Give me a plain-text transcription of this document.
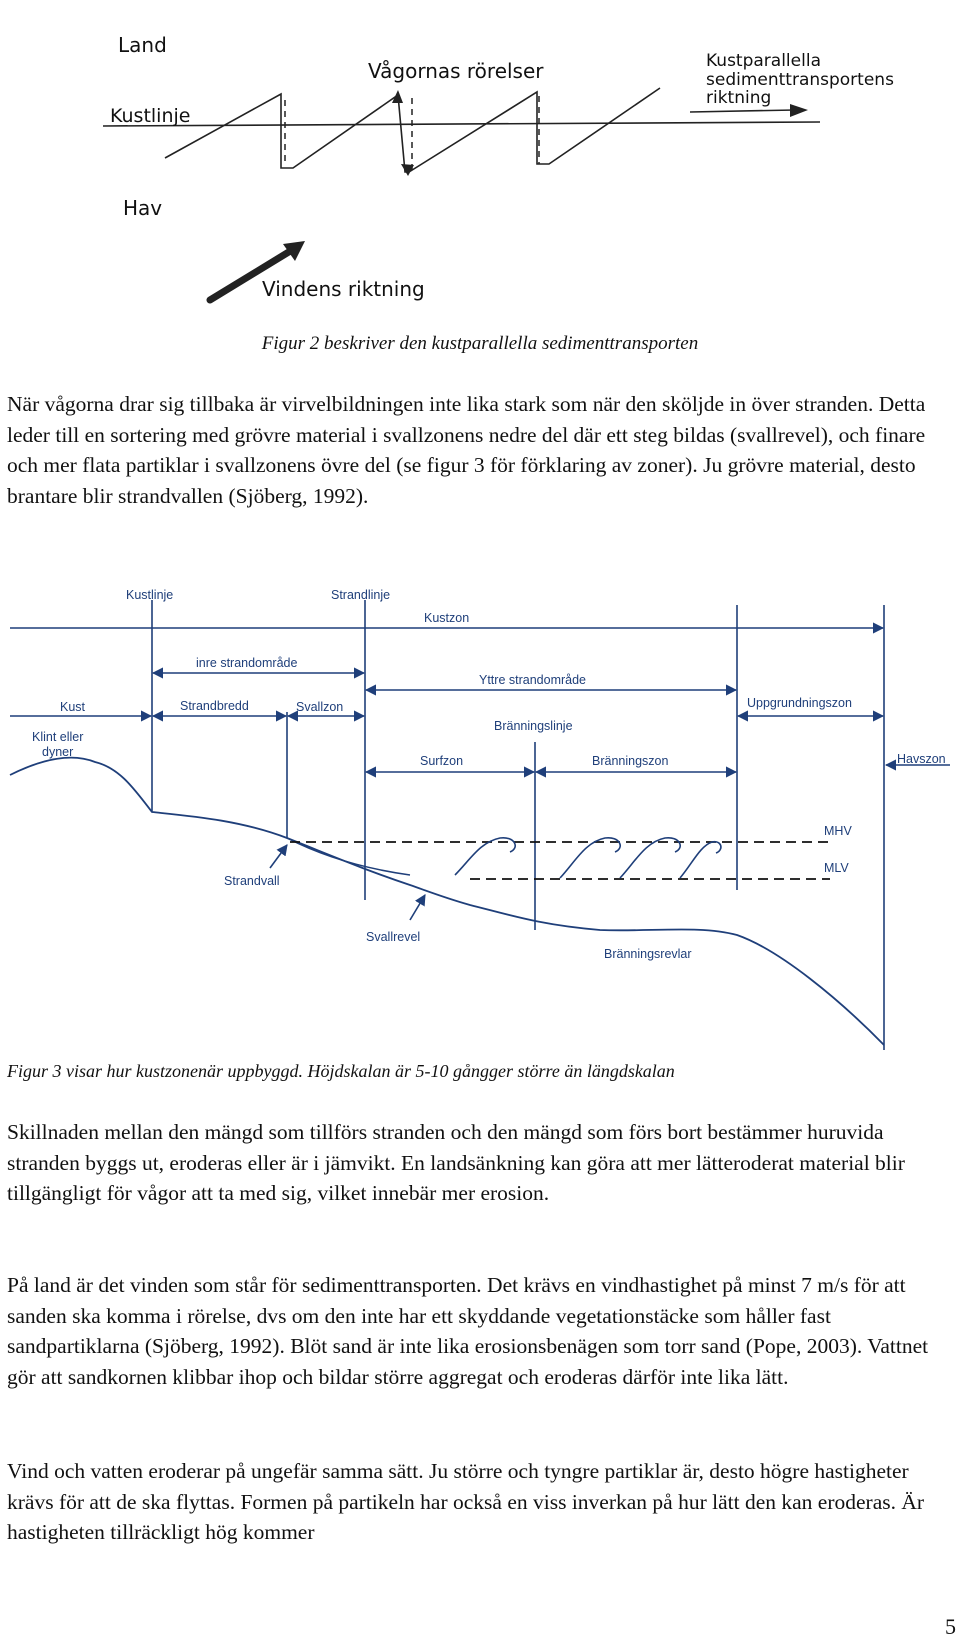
Land
Vågornas rörelser	Kustparallella
sedimenttransportens
riktning
Kustlinje
Hav
Vindens riktning
Figur 2 beskriver den kustparallella sedimenttransporten

När vågorna drar sig tillbaka är virvelbildningen inte lika stark som när den sköljde in över stranden. Detta leder till en sortering med grövre material i svallzonens nedre del där ett steg bildas (svallrevel), och finare och mer flata partiklar i svallzonens övre del (se figur 3 för förklaring av zoner). Ju grövre material, desto brantare blir strandvallen (Sjöberg, 1992).

Kustlinje	Strandlinje
Kustzon
inre strandområde
Yttre strandområde
Kust	Strandbredd	Svallzon	Uppgrundningszon
Klint eller
dyner
Bränningslinje
Surfzon	Bränningszon	Havszon
MHV
MLV
Strandvall
Svallrevel
Bränningsrevlar
Figur 3 visar hur kustzonenär uppbyggd. Höjdskalan är 5-10 gångger större än längdskalan

Skillnaden mellan den mängd som tillförs stranden och den mängd som förs bort bestämmer huruvida stranden byggs ut, eroderas eller är i jämvikt. En landsänkning kan göra att mer lätteroderat material blir tillgängligt för vågor att ta med sig, vilket innebär mer erosion.

På land är det vinden som står för sedimenttransporten. Det krävs en vindhastighet på minst 7 m/s för att sanden ska komma i rörelse, dvs om den inte har ett skyddande vegetationstäcke som håller fast sandpartiklarna (Sjöberg, 1992). Blöt sand är inte lika erosionsbenägen som torr sand (Pope, 2003). Vattnet gör att sandkornen klibbar ihop och bildar större aggregat och eroderas därför inte lika lätt.

Vind och vatten eroderar på ungefär samma sätt. Ju större och tyngre partiklar är, desto högre hastigheter krävs för att de ska flyttas. Formen på partikeln har också en viss inverkan på hur lätt den kan eroderas. Är hastigheten tillräckligt hög kommer

5
